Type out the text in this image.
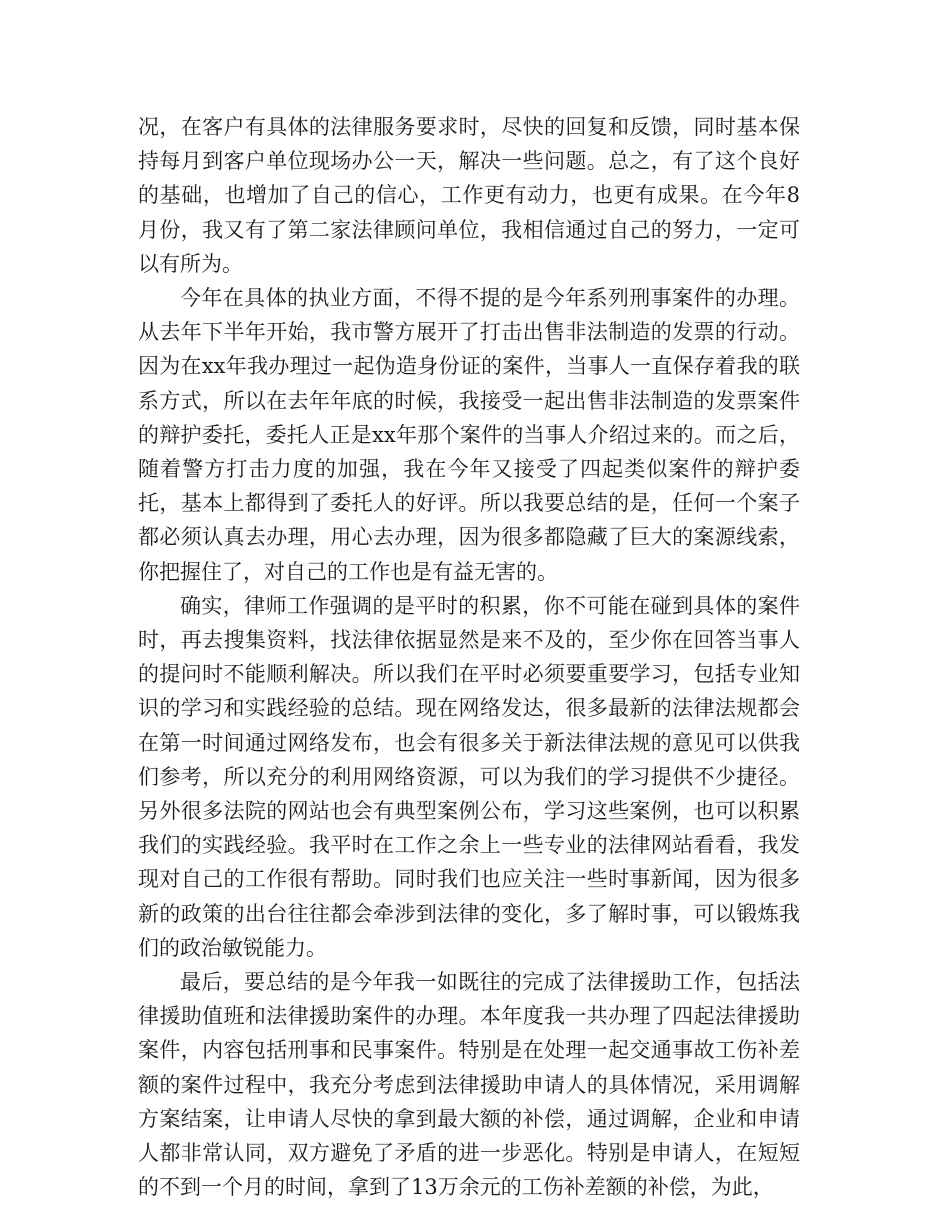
况，在客户有具体的法律服务要求时，尽快的回复和反馈，同时基本保持每月到客户单位现场办公一天，解决一些问题。总之，有了这个良好的基础，也增加了自己的信心，工作更有动力，也更有成果。在今年8月份，我又有了第二家法律顾问单位，我相信通过自己的努力，一定可以有所为。

今年在具体的执业方面，不得不提的是今年系列刑事案件的办理。从去年下半年开始，我市警方展开了打击出售非法制造的发票的行动。因为在xx年我办理过一起伪造身份证的案件，当事人一直保存着我的联系方式，所以在去年年底的时候，我接受一起出售非法制造的发票案件的辩护委托，委托人正是xx年那个案件的当事人介绍过来的。而之后，随着警方打击力度的加强，我在今年又接受了四起类似案件的辩护委托，基本上都得到了委托人的好评。所以我要总结的是，任何一个案子都必须认真去办理，用心去办理，因为很多都隐藏了巨大的案源线索，你把握住了，对自己的工作也是有益无害的。

确实，律师工作强调的是平时的积累，你不可能在碰到具体的案件时，再去搜集资料，找法律依据显然是来不及的，至少你在回答当事人的提问时不能顺利解决。所以我们在平时必须要重要学习，包括专业知识的学习和实践经验的总结。现在网络发达，很多最新的法律法规都会在第一时间通过网络发布，也会有很多关于新法律法规的意见可以供我们参考，所以充分的利用网络资源，可以为我们的学习提供不少捷径。另外很多法院的网站也会有典型案例公布，学习这些案例，也可以积累我们的实践经验。我平时在工作之余上一些专业的法律网站看看，我发现对自己的工作很有帮助。同时我们也应关注一些时事新闻，因为很多新的政策的出台往往都会牵涉到法律的变化，多了解时事，可以锻炼我们的政治敏锐能力。

最后，要总结的是今年我一如既往的完成了法律援助工作，包括法律援助值班和法律援助案件的办理。本年度我一共办理了四起法律援助案件，内容包括刑事和民事案件。特别是在处理一起交通事故工伤补差额的案件过程中，我充分考虑到法律援助申请人的具体情况，采用调解方案结案，让申请人尽快的拿到最大额的补偿，通过调解，企业和申请人都非常认同，双方避免了矛盾的进一步恶化。特别是申请人，在短短的不到一个月的时间，拿到了13万余元的工伤补差额的补偿，为此，
